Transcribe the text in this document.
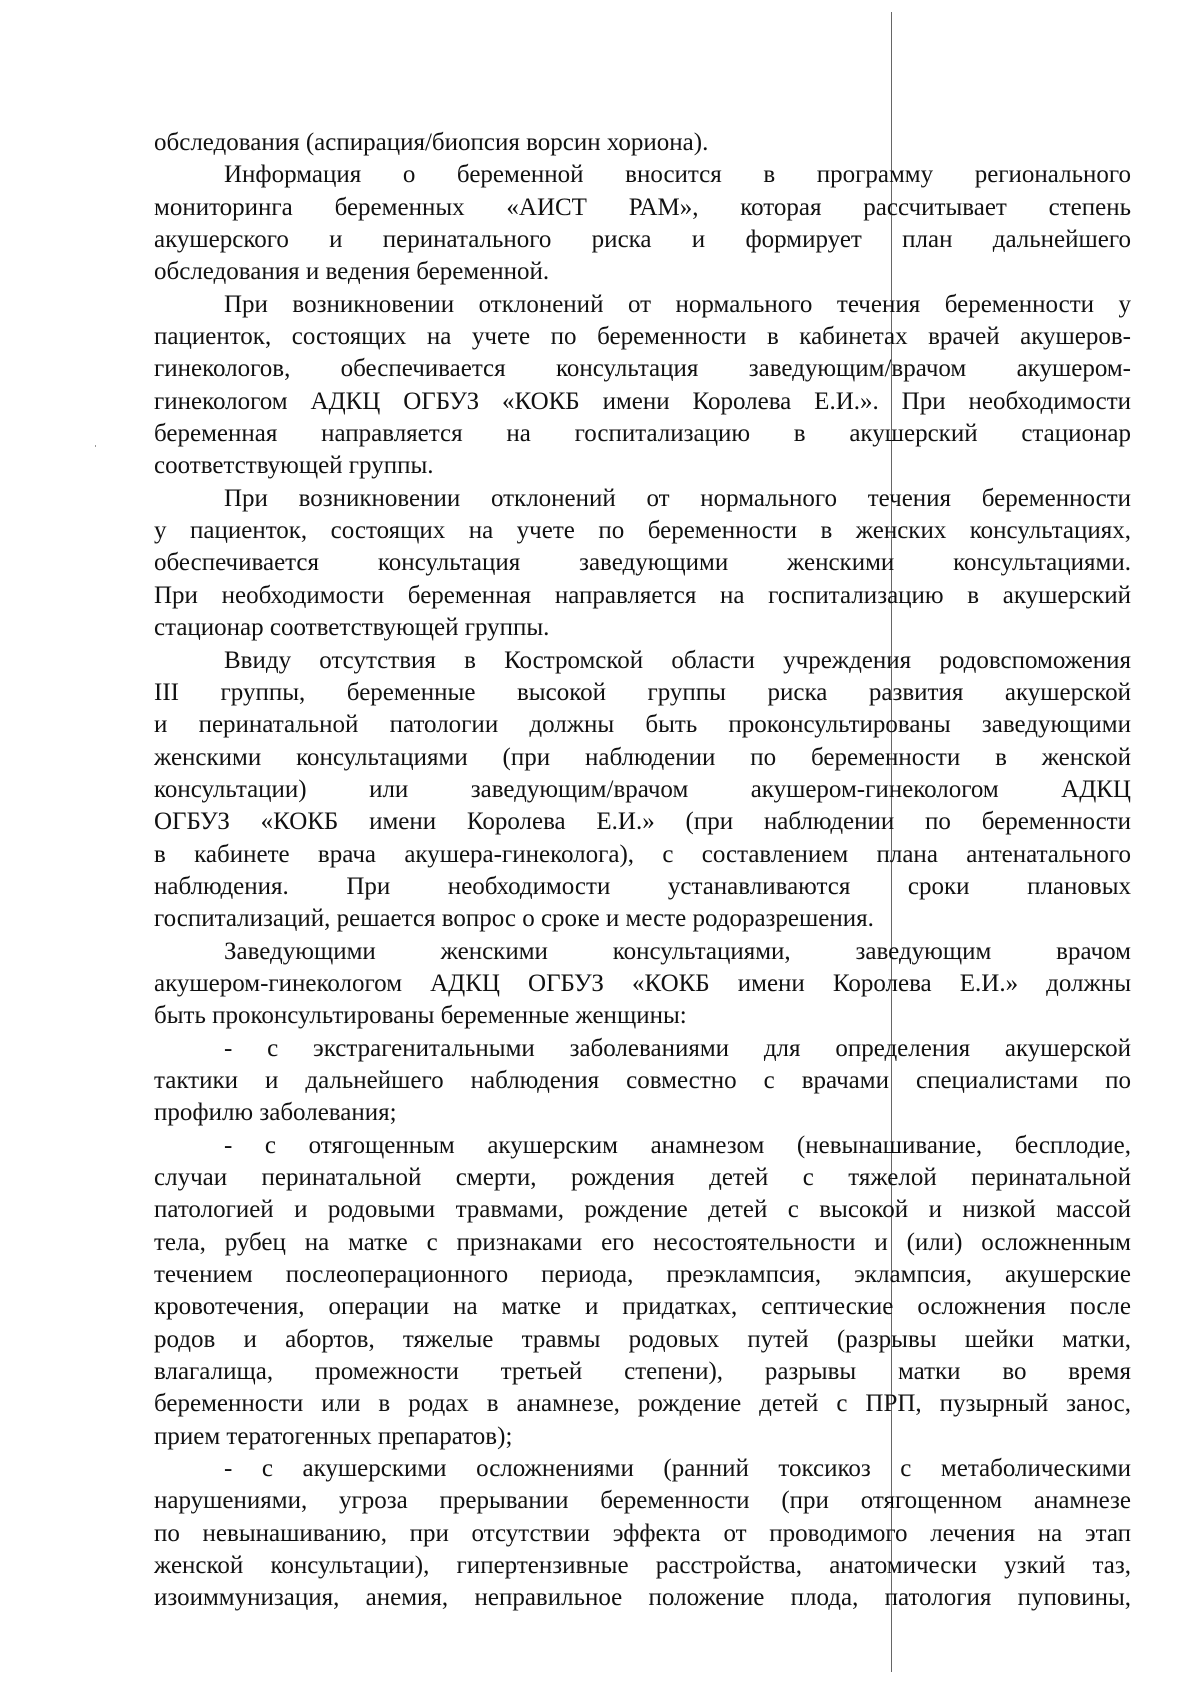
обследования (аспирация/биопсия ворсин хориона).
Информация о беременной вносится в программу регионального
мониторинга беременных «АИСТ РАМ», которая рассчитывает степень
акушерского и перинатального риска и формирует план дальнейшего
обследования и ведения беременной.
При возникновении отклонений от нормального течения беременности у
пациенток, состоящих на учете по беременности в кабинетах врачей акушеров-
гинекологов, обеспечивается консультация заведующим/врачом акушером-
гинекологом АДКЦ ОГБУЗ «КОКБ имени Королева Е.И.». При необходимости
беременная направляется на госпитализацию в акушерский стационар
соответствующей группы.
При возникновении отклонений от нормального течения беременности
у пациенток, состоящих на учете по беременности в женских консультациях,
обеспечивается консультация заведующими женскими консультациями.
При необходимости беременная направляется на госпитализацию в акушерский
стационар соответствующей группы.
Ввиду отсутствия в Костромской области учреждения родовспоможения
III группы, беременные высокой группы риска развития акушерской
и перинатальной патологии должны быть проконсультированы заведующими
женскими консультациями (при наблюдении по беременности в женской
консультации) или заведующим/врачом акушером-гинекологом АДКЦ
ОГБУЗ «КОКБ имени Королева Е.И.» (при наблюдении по беременности
в кабинете врача акушера-гинеколога), с составлением плана антенатального
наблюдения. При необходимости устанавливаются сроки плановых
госпитализаций, решается вопрос о сроке и месте родоразрешения.
Заведующими женскими консультациями, заведующим врачом
акушером-гинекологом АДКЦ ОГБУЗ «КОКБ имени Королева Е.И.» должны
быть проконсультированы беременные женщины:
- с экстрагенитальными заболеваниями для определения акушерской
тактики и дальнейшего наблюдения совместно с врачами специалистами по
профилю заболевания;
- с отягощенным акушерским анамнезом (невынашивание, бесплодие,
случаи перинатальной смерти, рождения детей с тяжелой перинатальной
патологией и родовыми травмами, рождение детей с высокой и низкой массой
тела, рубец на матке с признаками его несостоятельности и (или) осложненным
течением послеоперационного периода, преэклампсия, эклампсия, акушерские
кровотечения, операции на матке и придатках, септические осложнения после
родов и абортов, тяжелые травмы родовых путей (разрывы шейки матки,
влагалища, промежности третьей степени), разрывы матки во время
беременности или в родах в анамнезе, рождение детей с ПРП, пузырный занос,
прием тератогенных препаратов);
- с акушерскими осложнениями (ранний токсикоз с метаболическими
нарушениями, угроза прерывании беременности (при отягощенном анамнезе
по невынашиванию, при отсутствии эффекта от проводимого лечения на этап
женской консультации), гипертензивные расстройства, анатомически узкий таз,
изоиммунизация, анемия, неправильное положение плода, патология пуповины,
